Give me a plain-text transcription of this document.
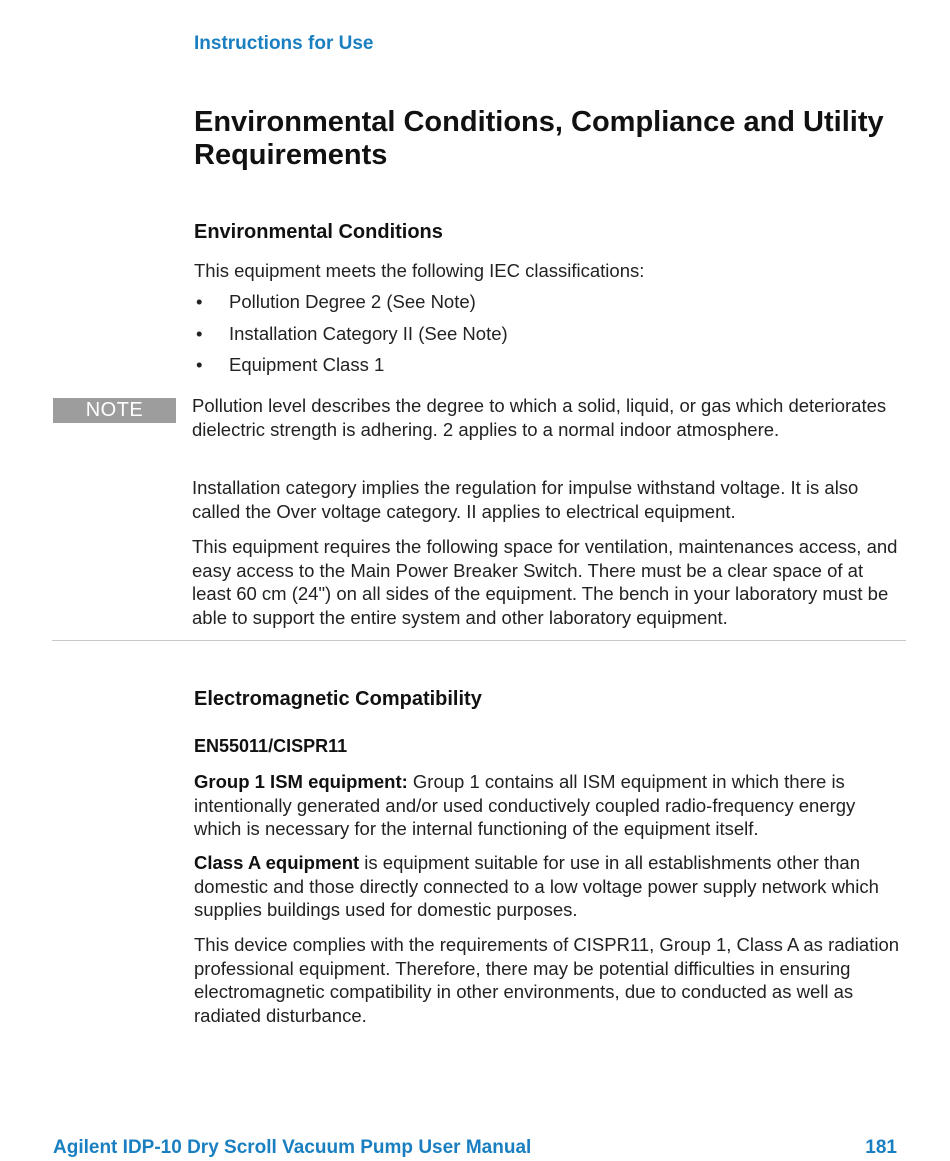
Instructions for Use
Environmental Conditions, Compliance and Utility Requirements
Environmental Conditions
This equipment meets the following IEC classifications:
• Pollution Degree 2 (See Note)
• Installation Category II (See Note)
• Equipment Class 1
NOTE	Pollution level describes the degree to which a solid, liquid, or gas which deteriorates dielectric strength is adhering. 2 applies to a normal indoor atmosphere.
Installation category implies the regulation for impulse withstand voltage. It is also called the Over voltage category. II applies to electrical equipment.
This equipment requires the following space for ventilation, maintenances access, and easy access to the Main Power Breaker Switch. There must be a clear space of at least 60 cm (24") on all sides of the equipment. The bench in your laboratory must be able to support the entire system and other laboratory equipment.
Electromagnetic Compatibility
EN55011/CISPR11
Group 1 ISM equipment: Group 1 contains all ISM equipment in which there is intentionally generated and/or used conductively coupled radio-frequency energy which is necessary for the internal functioning of the equipment itself.
Class A equipment is equipment suitable for use in all establishments other than domestic and those directly connected to a low voltage power supply network which supplies buildings used for domestic purposes.
This device complies with the requirements of CISPR11, Group 1, Class A as radiation professional equipment. Therefore, there may be potential difficulties in ensuring electromagnetic compatibility in other environments, due to conducted as well as radiated disturbance.
Agilent IDP-10 Dry Scroll Vacuum Pump User Manual	181
